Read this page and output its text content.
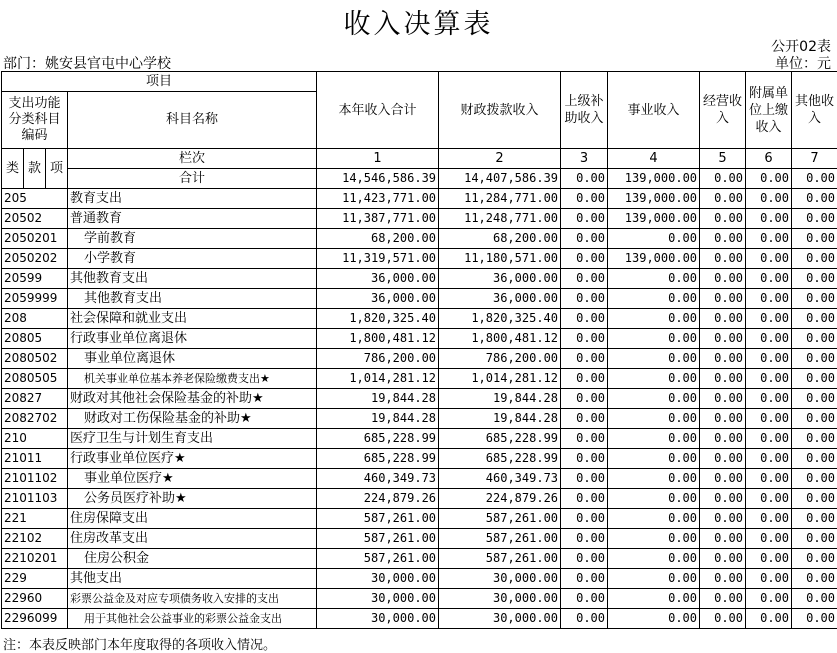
收入决算表
公开02表
部门：姚安县官屯中心学校	单位：元
项目				本年收入合计	财政拨款收入	上级补助收入	事业收入	经营收入	附属单位上缴收入	其他收入
支出功能分类科目编码			科目名称							

类	款	项	栏次	1	2	3	4	5	6	7
			合计	14,546,586.39	14,407,586.39	0.00	139,000.00	0.00	0.00	0.00
205			教育支出	11,423,771.00	11,284,771.00	0.00	139,000.00	0.00	0.00	0.00
20502			普通教育	11,387,771.00	11,248,771.00	0.00	139,000.00	0.00	0.00	0.00
2050201			学前教育	68,200.00	68,200.00	0.00	0.00	0.00	0.00	0.00
2050202			小学教育	11,319,571.00	11,180,571.00	0.00	139,000.00	0.00	0.00	0.00
20599			其他教育支出	36,000.00	36,000.00	0.00	0.00	0.00	0.00	0.00
2059999			其他教育支出	36,000.00	36,000.00	0.00	0.00	0.00	0.00	0.00
208			社会保障和就业支出	1,820,325.40	1,820,325.40	0.00	0.00	0.00	0.00	0.00
20805			行政事业单位离退休	1,800,481.12	1,800,481.12	0.00	0.00	0.00	0.00	0.00
2080502			事业单位离退休	786,200.00	786,200.00	0.00	0.00	0.00	0.00	0.00
2080505			机关事业单位基本养老保险缴费支出★	1,014,281.12	1,014,281.12	0.00	0.00	0.00	0.00	0.00
20827			财政对其他社会保险基金的补助★	19,844.28	19,844.28	0.00	0.00	0.00	0.00	0.00
2082702			财政对工伤保险基金的补助★	19,844.28	19,844.28	0.00	0.00	0.00	0.00	0.00
210			医疗卫生与计划生育支出	685,228.99	685,228.99	0.00	0.00	0.00	0.00	0.00
21011			行政事业单位医疗★	685,228.99	685,228.99	0.00	0.00	0.00	0.00	0.00
2101102			事业单位医疗★	460,349.73	460,349.73	0.00	0.00	0.00	0.00	0.00
2101103			公务员医疗补助★	224,879.26	224,879.26	0.00	0.00	0.00	0.00	0.00
221			住房保障支出	587,261.00	587,261.00	0.00	0.00	0.00	0.00	0.00
22102			住房改革支出	587,261.00	587,261.00	0.00	0.00	0.00	0.00	0.00
2210201			住房公积金	587,261.00	587,261.00	0.00	0.00	0.00	0.00	0.00
229			其他支出	30,000.00	30,000.00	0.00	0.00	0.00	0.00	0.00
22960			彩票公益金及对应专项债务收入安排的支出	30,000.00	30,000.00	0.00	0.00	0.00	0.00	0.00
2296099			用于其他社会公益事业的彩票公益金支出	30,000.00	30,000.00	0.00	0.00	0.00	0.00	0.00
注：本表反映部门本年度取得的各项收入情况。
